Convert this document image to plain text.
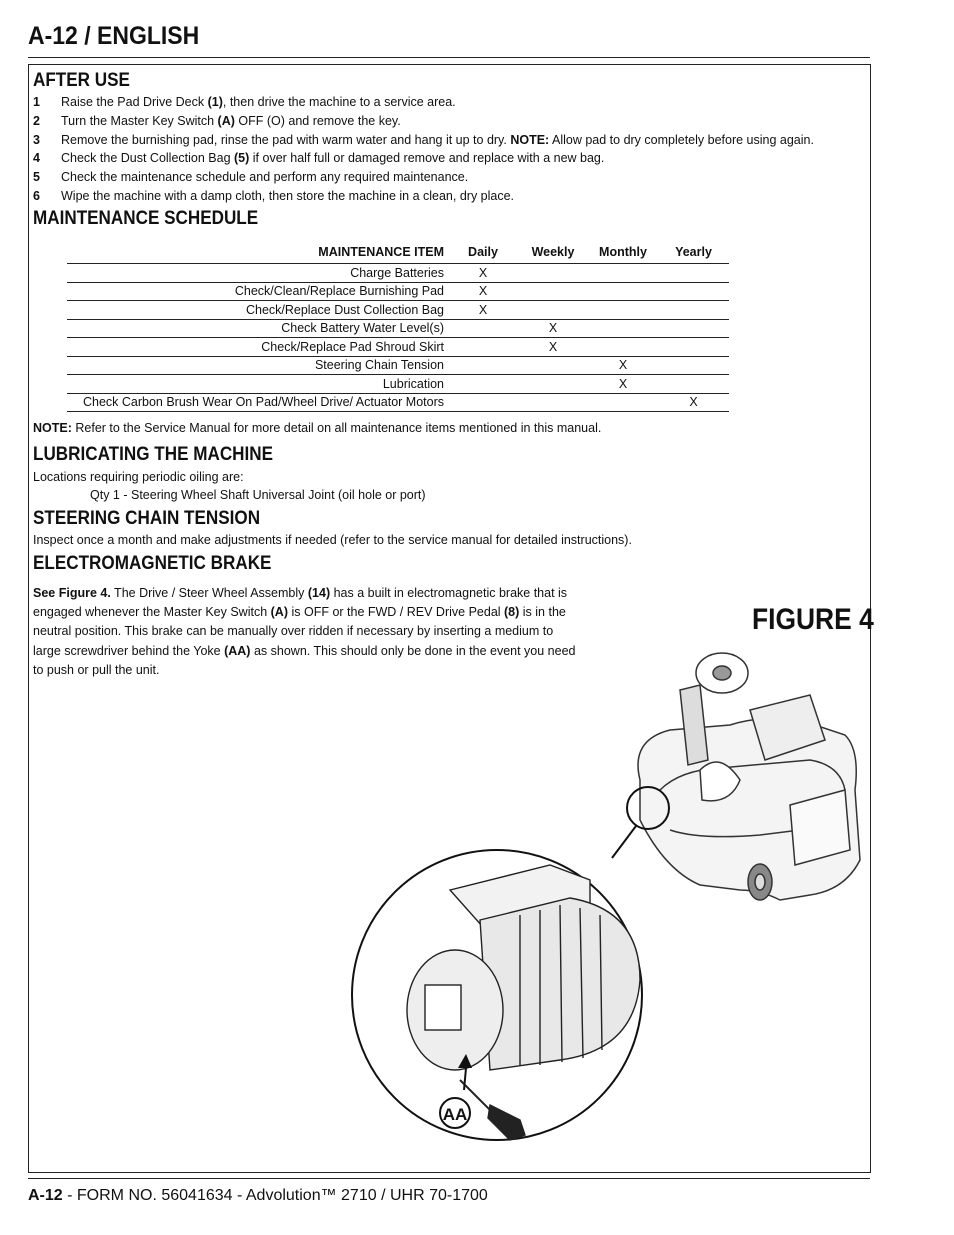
A-12 / ENGLISH
AFTER USE
1 Raise the Pad Drive Deck (1), then drive the machine to a service area.
2 Turn the Master Key Switch (A) OFF (O) and remove the key.
3 Remove the burnishing pad, rinse the pad with warm water and hang it up to dry. NOTE: Allow pad to dry completely before using again.
4 Check the Dust Collection Bag (5) if over half full or damaged remove and replace with a new bag.
5 Check the maintenance schedule and perform any required maintenance.
6 Wipe the machine with a damp cloth, then store the machine in a clean, dry place.
MAINTENANCE SCHEDULE
MAINTENANCE ITEM	Daily	Weekly	Monthly	Yearly
Charge Batteries	X			
Check/Clean/Replace Burnishing Pad	X			
Check/Replace Dust Collection Bag	X			
Check Battery Water Level(s)		X		
Check/Replace Pad Shroud Skirt		X		
Steering Chain Tension			X	
Lubrication			X	
Check Carbon Brush Wear On Pad/Wheel Drive/ Actuator Motors				X
NOTE: Refer to the Service Manual for more detail on all maintenance items mentioned in this manual.
LUBRICATING THE MACHINE
Locations requiring periodic oiling are:
Qty 1 - Steering Wheel Shaft Universal Joint (oil hole or port)
STEERING CHAIN TENSION
Inspect once a month and make adjustments if needed (refer to the service manual for detailed instructions).
ELECTROMAGNETIC BRAKE
See Figure 4. The Drive / Steer Wheel Assembly (14) has a built in electromagnetic brake that is engaged whenever the Master Key Switch (A) is OFF or the FWD / REV Drive Pedal (8) is in the neutral position. This brake can be manually over ridden if necessary by inserting a medium to large screwdriver behind the Yoke (AA) as shown. This should only be done in the event you need to push or pull the unit.
FIGURE 4
AA
A-12 - FORM NO. 56041634 - Advolution™ 2710 / UHR 70-1700
